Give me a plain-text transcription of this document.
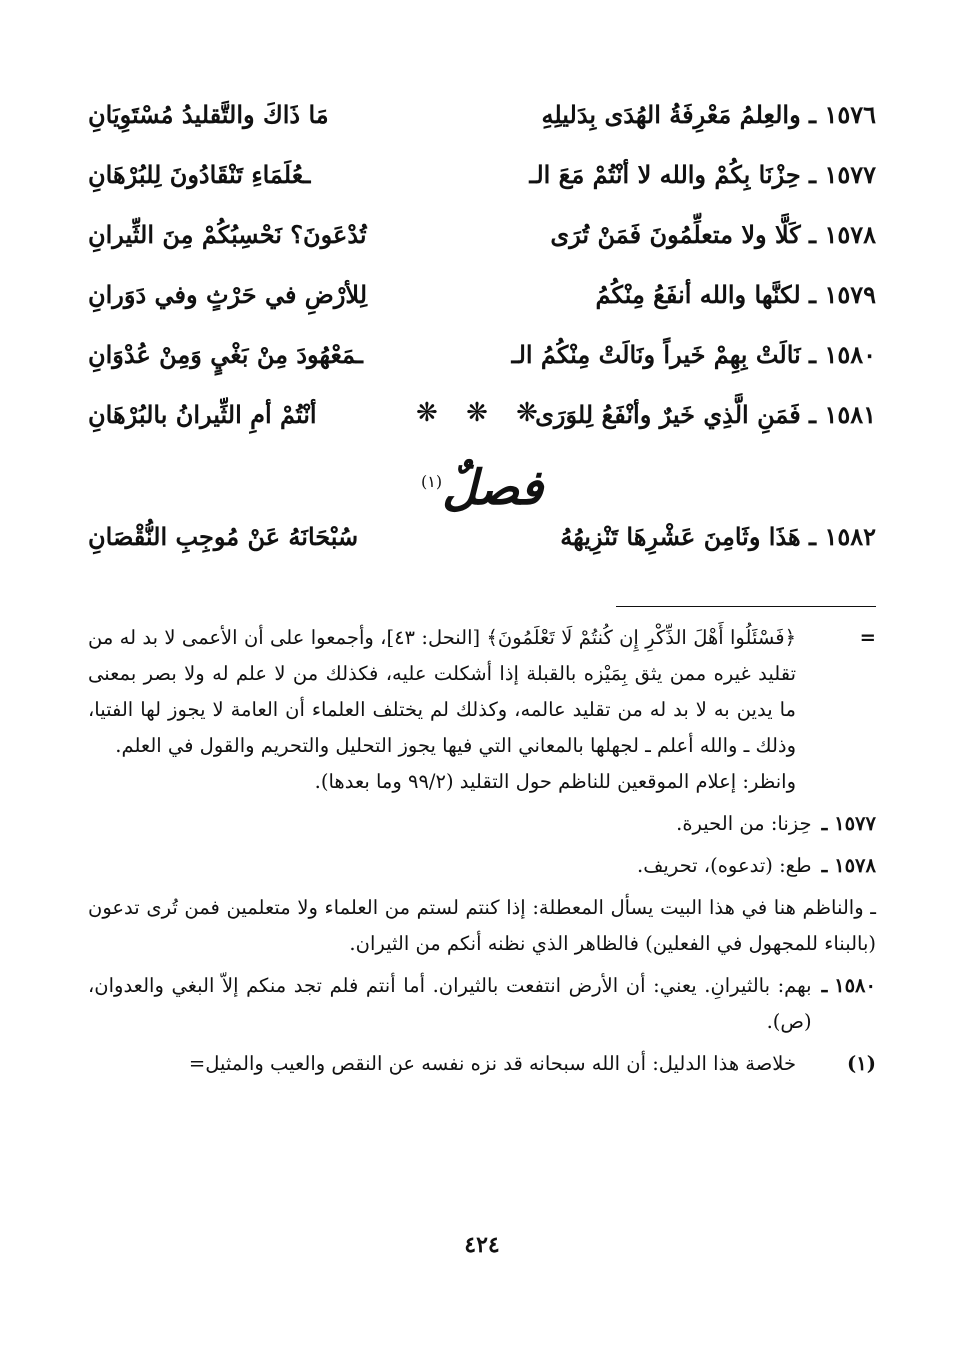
١٥٧٦ ـ والعِلمُ مَعْرِفَةُ الهُدَى بِدَليلِهِ
مَا ذَاكَ والتَّقليدُ مُسْتَوِيَانِ
١٥٧٧ ـ حِزْنَا بِكُمْ والله لا أنْتُمْ مَعَ الـ
ـعُلَمَاءِ تَنْقَادُونَ لِلبُرْهَانِ
١٥٧٨ ـ كَلَّا ولا متعلِّمُونَ فَمَنْ تُرَى
تُدْعَونَ؟ نَحْسِبُكُمْ مِنَ الثِّيرانِ
١٥٧٩ ـ لكنَّها والله أنفَعُ مِنْكُمُ
لِلأرْضِ في حَرْثٍ وفي دَوَرانِ
١٥٨٠ ـ نَالَتْ بِهِمْ خَيراً ونَالَتْ مِنْكُمُ الـ
ـمَعْهُودَ مِنْ بَغْيٍ وَمِنْ عُدْوَانِ
١٥٨١ ـ فَمَنِ الَّذِي خَيرٌ وأنْفَعُ لِلوَرَى
أنْتُمْ أمِ الثِّيرانُ بالبُرْهَانِ	❋ ❋ ❋
فصلٌ$^{(١)}$
١٥٨٢ ـ هَذَا وثَامِنَ عَشْرِهَا تَنْزِيهُهُ
سُبْحَانَهُ عَنْ مُوجِبِ النُّقْصَانِ
=

﴿فَسْئَلُوا أَهْلَ الذِّكْرِ إِن كُنتُمْ لَا تَعْلَمُونَ﴾ [النحل: ٤٣]، وأجمعوا على أن الأعمى لا بد له من تقليد غيره ممن يثق بِمَيْزه بالقبلة إذا أشكلت عليه، فكذلك من لا علم له ولا بصر بمعنى ما يدين به لا بد له من تقليد عالمه، وكذلك لم يختلف العلماء أن العامة لا يجوز لها الفتيا، وذلك ـ والله أعلم ـ لجهلها بالمعاني التي فيها يجوز التحليل والتحريم والقول في العلم.

وانظر: إعلام الموقعين للناظم حول التقليد (٩٩/٢ وما بعدها).

١٥٧٧ ـ
حِزنا: من الحيرة.
١٥٧٨ ـ
طع: (تدعوه)، تحريف.
ـ والناظم هنا في هذا البيت يسأل المعطلة: إذا كنتم لستم من العلماء ولا متعلمين فمن تُرى تدعون (بالبناء للمجهول في الفعلين) فالظاهر الذي نظنه أنكم من الثيران.
١٥٨٠ ـ
بهم: بالثيرانِ. يعني: أن الأرض انتفعت بالثيران. أما أنتم فلم تجد منكم إلاّ البغي والعدوان، (ص).
(١)
خلاصة هذا الدليل: أن الله سبحانه قد نزه نفسه عن النقص والعيب والمثيل=
٤٢٤
